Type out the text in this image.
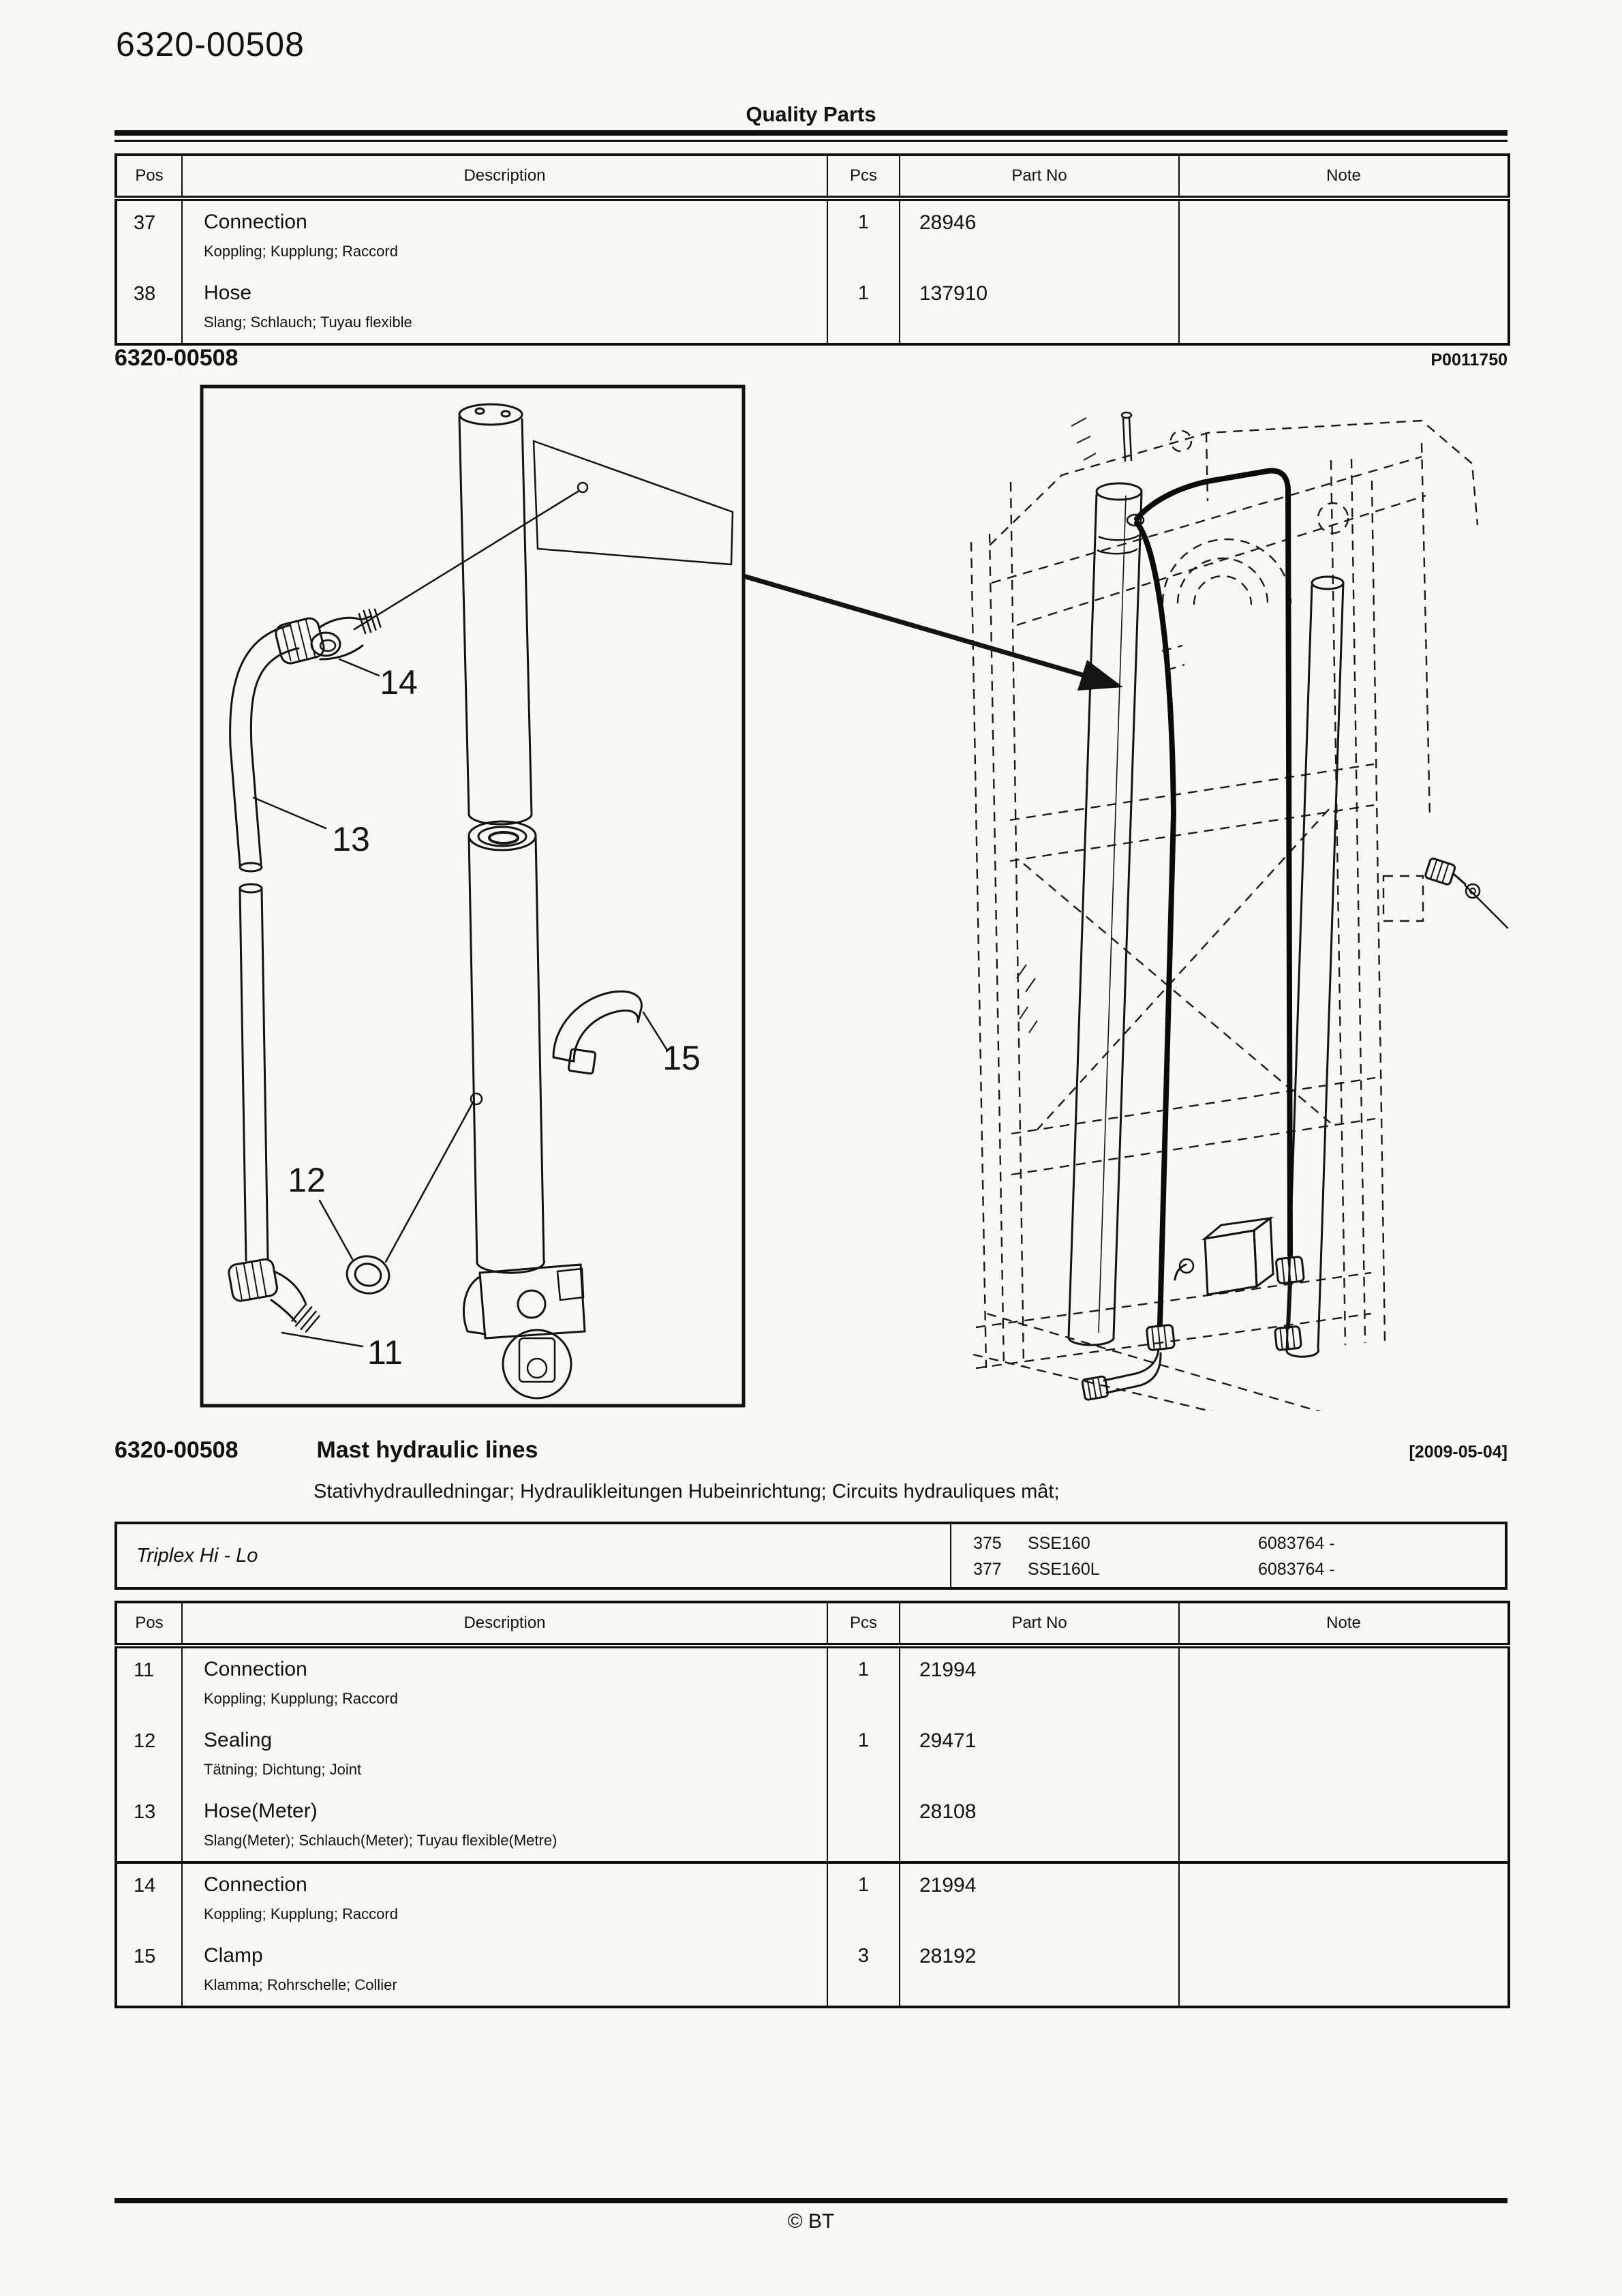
6320-00508
Quality Parts
Pos	Description	Pcs	Part No	Note
37	Connection
Koppling; Kupplung; Raccord	1	28946	
38	Hose
Slang; Schlauch; Tuyau flexible	1	137910	
6320-00508	P0011750
14
13
15
12
11
6320-00508	Mast hydraulic lines	[2009-05-04]
Stativhydraulledningar; Hydraulikleitungen Hubeinrichtung; Circuits hydrauliques mât;
Triplex Hi - Lo
375	SSE160	6083764 -
377	SSE160L	6083764 -
Pos	Description	Pcs	Part No	Note
11	Connection
Koppling; Kupplung; Raccord	1	21994	
12	Sealing
Tätning; Dichtung; Joint	1	29471	
13	Hose(Meter)
Slang(Meter); Schlauch(Meter); Tuyau flexible(Metre)		28108	
14	Connection
Koppling; Kupplung; Raccord	1	21994	
15	Clamp
Klamma; Rohrschelle; Collier	3	28192	
© BT
